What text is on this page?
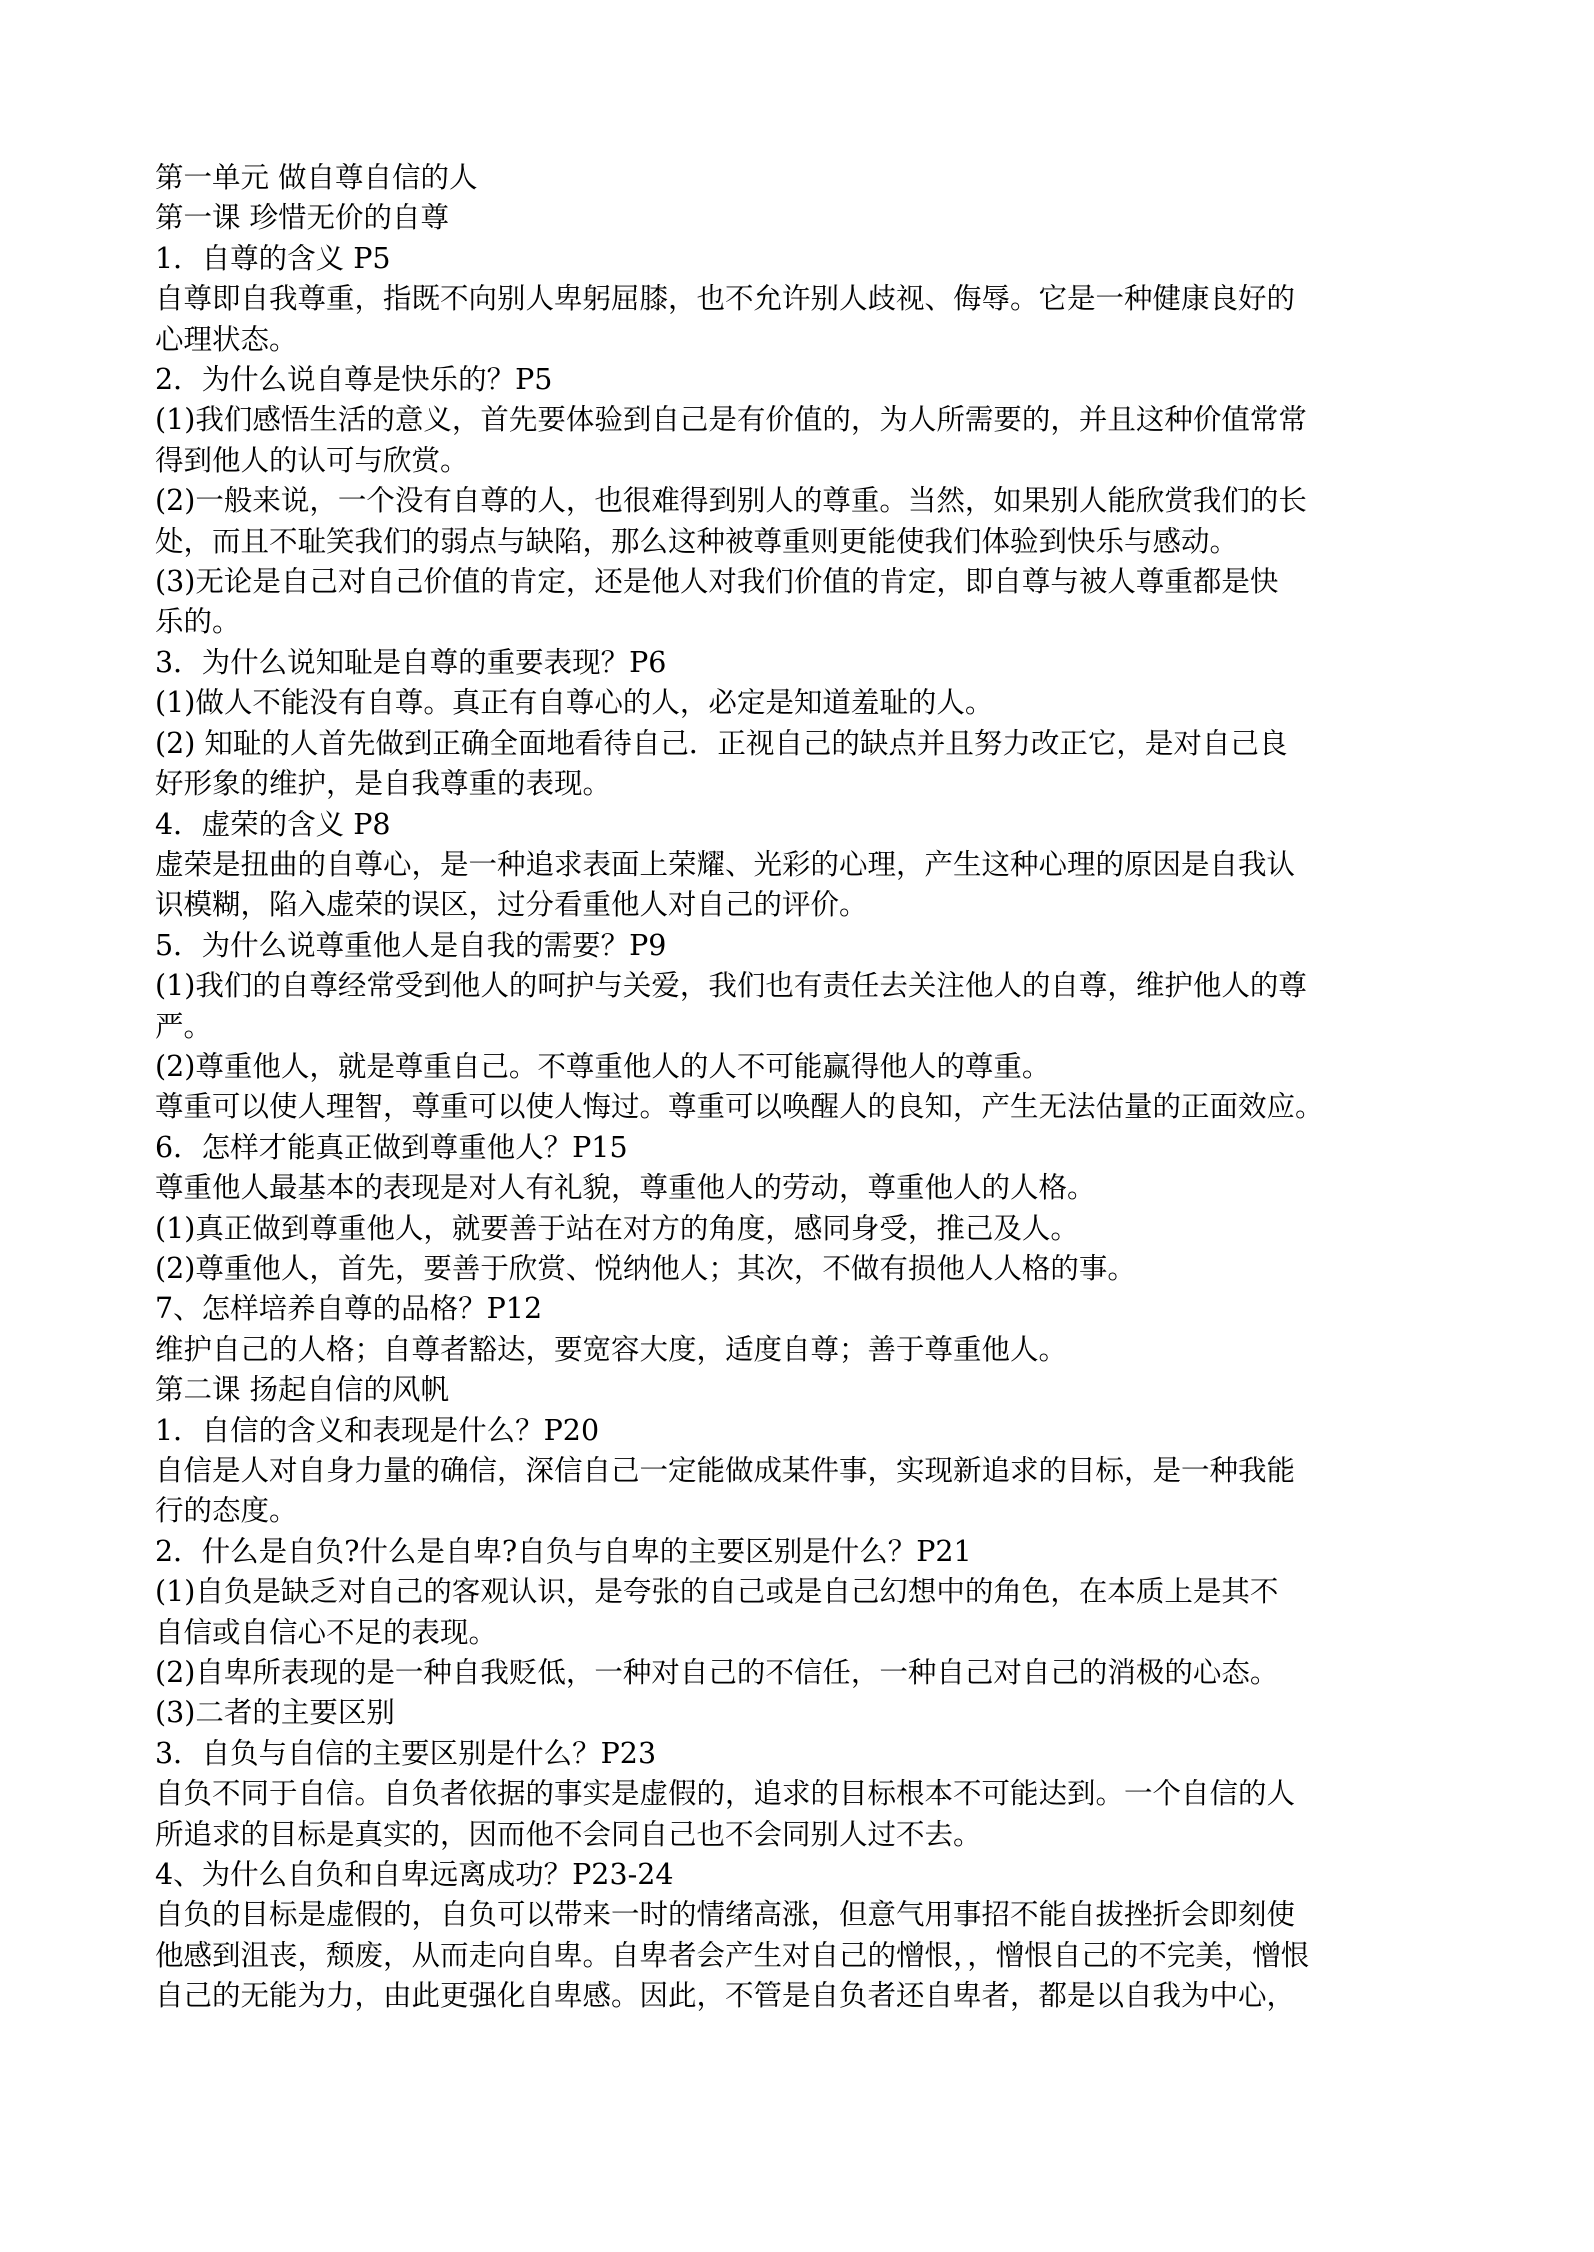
第一单元 做自尊自信的人

第一课 珍惜无价的自尊

1．自尊的含义 P5

自尊即自我尊重，指既不向别人卑躬屈膝，也不允许别人歧视、侮辱。它是一种健康良好的

心理状态。

2．为什么说自尊是快乐的？P5

(1)我们感悟生活的意义，首先要体验到自己是有价值的，为人所需要的，并且这种价值常常

得到他人的认可与欣赏。

(2)一般来说，一个没有自尊的人，也很难得到别人的尊重。当然，如果别人能欣赏我们的长

处，而且不耻笑我们的弱点与缺陷，那么这种被尊重则更能使我们体验到快乐与感动。

(3)无论是自己对自己价值的肯定，还是他人对我们价值的肯定，即自尊与被人尊重都是快

乐的。

3．为什么说知耻是自尊的重要表现？P6

(1)做人不能没有自尊。真正有自尊心的人，必定是知道羞耻的人。

(2) 知耻的人首先做到正确全面地看待自己．正视自己的缺点并且努力改正它，是对自己良

好形象的维护，是自我尊重的表现。

4．虚荣的含义 P8

虚荣是扭曲的自尊心，是一种追求表面上荣耀、光彩的心理，产生这种心理的原因是自我认

识模糊，陷入虚荣的误区，过分看重他人对自己的评价。

5．为什么说尊重他人是自我的需要？P9

(1)我们的自尊经常受到他人的呵护与关爱，我们也有责任去关注他人的自尊，维护他人的尊

严。

(2)尊重他人，就是尊重自己。不尊重他人的人不可能赢得他人的尊重。

尊重可以使人理智，尊重可以使人悔过。尊重可以唤醒人的良知，产生无法估量的正面效应。

6．怎样才能真正做到尊重他人？P15

尊重他人最基本的表现是对人有礼貌，尊重他人的劳动，尊重他人的人格。

(1)真正做到尊重他人，就要善于站在对方的角度，感同身受，推己及人。

(2)尊重他人，首先，要善于欣赏、悦纳他人；其次，不做有损他人人格的事。

7、怎样培养自尊的品格？P12

维护自己的人格；自尊者豁达，要宽容大度，适度自尊；善于尊重他人。

第二课 扬起自信的风帆

1．自信的含义和表现是什么？P20

自信是人对自身力量的确信，深信自己一定能做成某件事，实现新追求的目标，是一种我能

行的态度。

2．什么是自负?什么是自卑?自负与自卑的主要区别是什么？P21

(1)自负是缺乏对自己的客观认识，是夸张的自己或是自己幻想中的角色，在本质上是其不

自信或自信心不足的表现。

(2)自卑所表现的是一种自我贬低，一种对自己的不信任，一种自己对自己的消极的心态。

(3)二者的主要区别

3．自负与自信的主要区别是什么？P23

自负不同于自信。自负者依据的事实是虚假的，追求的目标根本不可能达到。一个自信的人

所追求的目标是真实的，因而他不会同自己也不会同别人过不去。

4、为什么自负和自卑远离成功？P23-24

自负的目标是虚假的，自负可以带来一时的情绪高涨，但意气用事招不能自拔挫折会即刻使

他感到沮丧，颓废，从而走向自卑。自卑者会产生对自己的憎恨，，憎恨自己的不完美，憎恨

自己的无能为力，由此更强化自卑感。因此，不管是自负者还自卑者，都是以自我为中心，
